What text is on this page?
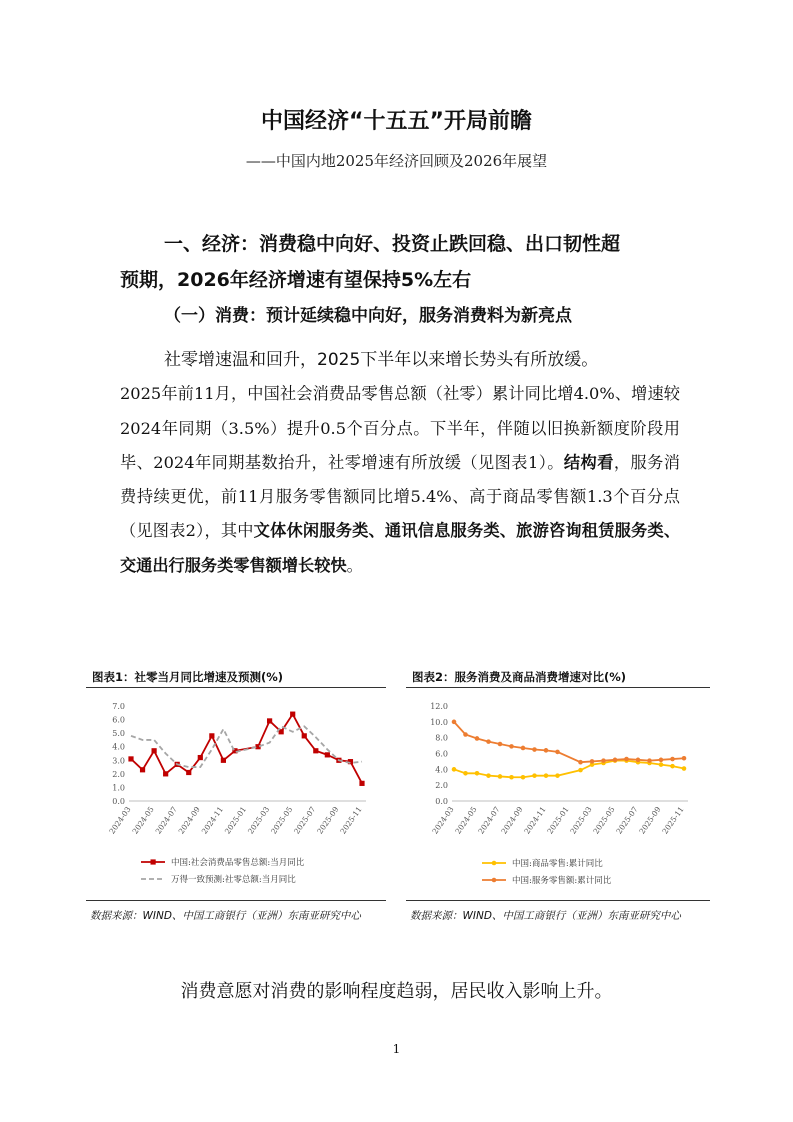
中国经济“十五五”开局前瞻
——中国内地2025年经济回顾及2026年展望
一、经济：消费稳中向好、投资止跌回稳、出口韧性超
预期，2026年经济增速有望保持5%左右
（一）消费：预计延续稳中向好，服务消费料为新亮点

社零增速温和回升，2025下半年以来增长势头有所放缓。

2025年前11月，中国社会消费品零售总额（社零）累计同比增4.0%、增速较2024年同期（3.5%）提升0.5个百分点。下半年，伴随以旧换新额度阶段用毕、2024年同期基数抬升，社零增速有所放缓（见图表1）。结构看，服务消费持续更优，前11月服务零售额同比增5.4%、高于商品零售额1.3个百分点（见图表2），其中文体休闲服务类、通讯信息服务类、旅游咨询租赁服务类、交通出行服务类零售额增长较快。

图表1：社零当月同比增速及预测(%)
0.0
1.0
2.0
3.0
4.0
5.0
6.0
7.0
2024-03
2024-05
2024-07
2024-09
2024-11
2025-01
2025-03
2025-05
2025-07
2025-09
2025-11
中国:社会消费品零售总额:当月同比
万得一致预测:社零总额:当月同比
数据来源：WIND、中国工商银行（亚洲）东南亚研究中心
图表2：服务消费及商品消费增速对比(%)
0.0
2.0
4.0
6.0
8.0
10.0
12.0
2024-03
2024-05
2024-07
2024-09
2024-11
2025-01
2025-03
2025-05
2025-07
2025-09
2025-11
中国:商品零售:累计同比
中国:服务零售额:累计同比
数据来源：WIND、中国工商银行（亚洲）东南亚研究中心
消费意愿对消费的影响程度趋弱，居民收入影响上升。
1
